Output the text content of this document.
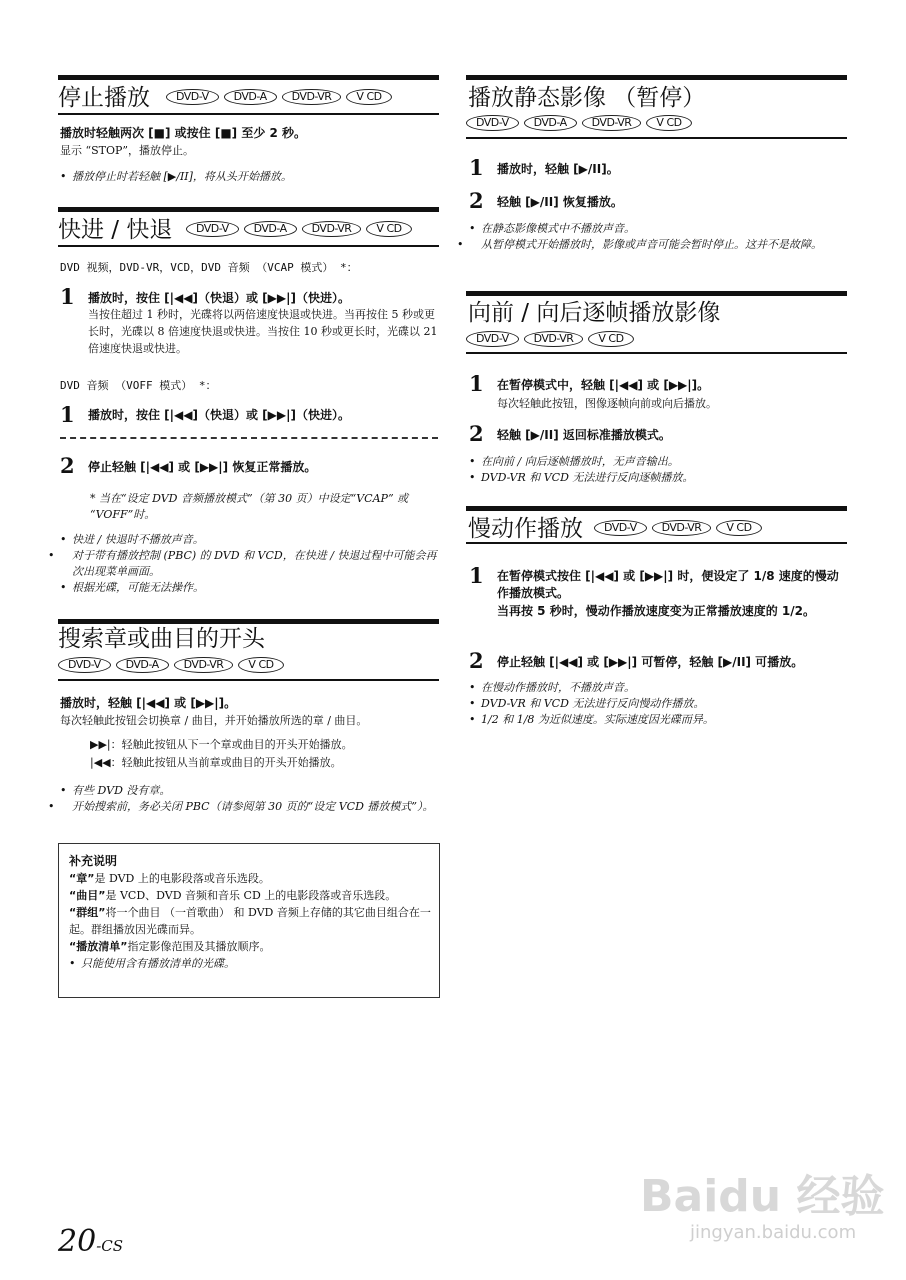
停止播放	DVD-V	DVD-A	DVD-VR	V CD
播放时轻触两次 [■] 或按住 [■] 至少 2 秒。
显示 “STOP”，播放停止。
• 播放停止时若轻触 [▶/II]，将从头开始播放。
快进 / 快退	DVD-V	DVD-A	DVD-VR	V CD
DVD 视频，DVD-VR，VCD，DVD 音频 （VCAP 模式） *：
1 播放时，按住 [|◀◀]（快退）或 [▶▶|]（快进）。
当按住超过 1 秒时，光碟将以两倍速度快退或快进。当再按住 5 秒或更长时，光碟以 8 倍速度快退或快进。当按住 10 秒或更长时，光碟以 21 倍速度快退或快进。
DVD 音频 （VOFF 模式） *：
1 播放时，按住 [|◀◀]（快退）或 [▶▶|]（快进）。
2 停止轻触 [|◀◀] 或 [▶▶|] 恢复正常播放。
* 当在“设定 DVD 音频播放模式”（第 30 页）中设定“VCAP” 或 “VOFF”时。
• 快进 / 快退时不播放声音。
• 对于带有播放控制 (PBC) 的 DVD 和 VCD，在快进 / 快退过程中可能会再次出现菜单画面。
• 根据光碟，可能无法操作。
搜索章或曲目的开头
DVD-V	DVD-A	DVD-VR	V CD
播放时，轻触 [|◀◀] 或 [▶▶|]。
每次轻触此按钮会切换章 / 曲目，并开始播放所选的章 / 曲目。
▶▶|：轻触此按钮从下一个章或曲目的开头开始播放。
|◀◀：轻触此按钮从当前章或曲目的开头开始播放。
• 有些 DVD 没有章。
• 开始搜索前，务必关闭 PBC（请参阅第 30 页的“设定 VCD 播放模式”）。
补充说明
“章”是 DVD 上的电影段落或音乐选段。
“曲目”是 VCD、DVD 音频和音乐 CD 上的电影段落或音乐选段。
“群组”将一个曲目 （一首歌曲） 和 DVD 音频上存储的其它曲目组合在一起。群组播放因光碟而异。
“播放清单”指定影像范围及其播放顺序。
• 只能使用含有播放清单的光碟。
播放静态影像 （暂停）
DVD-V	DVD-A	DVD-VR	V CD
1 播放时，轻触 [▶/II]。
2 轻触 [▶/II] 恢复播放。
• 在静态影像模式中不播放声音。
• 从暂停模式开始播放时，影像或声音可能会暂时停止。这并不是故障。
向前 / 向后逐帧播放影像
DVD-V	DVD-VR	V CD
1 在暂停模式中，轻触 [|◀◀] 或 [▶▶|]。
每次轻触此按钮，图像逐帧向前或向后播放。
2 轻触 [▶/II] 返回标准播放模式。
• 在向前 / 向后逐帧播放时，无声音输出。
• DVD-VR 和 VCD 无法进行反向逐帧播放。
慢动作播放	DVD-V	DVD-VR	V CD
1 在暂停模式按住 [|◀◀] 或 [▶▶|] 时，便设定了 1/8 速度的慢动作播放模式。
当再按 5 秒时，慢动作播放速度变为正常播放速度的 1/2。
2 停止轻触 [|◀◀] 或 [▶▶|] 可暂停，轻触 [▶/II] 可播放。
• 在慢动作播放时，不播放声音。
• DVD-VR 和 VCD 无法进行反向慢动作播放。
• 1/2 和 1/8 为近似速度。实际速度因光碟而异。
20-CS
Baidu 经验
jingyan.baidu.com
